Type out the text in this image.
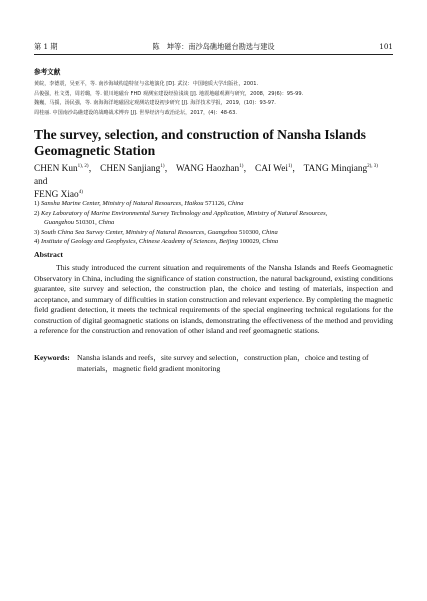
第 1 期	陈　坤等：南沙岛礁地磁台勘选与建设	101
参考文献
黄皖，李德震，吴亚平，等. 南沙海域构造特征与盆地演化 [D]. 武汉：中国地质大学出版社，2001.
吕俊强，杜文勇，周若璐，等. 银川地磁台 FHD 观测室建设经验浅谈 [J]. 地震地磁观测与研究，2008，29(6)：95-99.
魏巍，马援，汤民强，等. 南海海洋地磁固定观测站建设初步研究 [J]. 海洋技术学报，2019，(10)：93-97.
周桂丽. 中国南沙岛礁建设的战略战术博弈 [J]. 世界经济与政治论坛，2017，(4)：48-63.
The survey, selection, and construction of Nansha Islands Geomagnetic Station
CHEN Kun$^{1), 2)}$， CHEN Sanjiang$^{1)}$， WANG Haozhan$^{1)}$， CAI Wei$^{1)}$， TANG Minqiang$^{2), 3)}$ and
FENG Xiao$^{4)}$
1) Sansha Marine Center, Ministry of Natural Resources, Haikou 571126, China
2) Key Laboratory of Marine Environmental Survey Technology and Application, Ministry of Natural Resources,
Guangzhou 510301, China
3) South China Sea Survey Center, Ministry of Natural Resources, Guangzhou 510300, China
4) Institute of Geology and Geophysics, Chinese Academy of Sciences, Beijing 100029, China
Abstract
This study introduced the current situation and requirements of the Nansha Islands and Reefs Geomagnetic Observatory in China, including the significance of station construction, the natural background, existing conditions guarantee, site survey and selection, the construction plan, the choice and testing of materials, inspection and acceptance, and summary of difficulties in station construction and relevant experience. By completing the magnetic field gradient detection, it meets the technical requirements of the special engineering technical regulations for the construction of digital geomagnetic stations on islands, demonstrating the effectiveness of the method and providing a reference for the construction and renovation of other island and reef geomagnetic stations.
Keywords: Nansha islands and reefs，site survey and selection，construction plan，choice and testing of materials，magnetic field gradient monitoring
